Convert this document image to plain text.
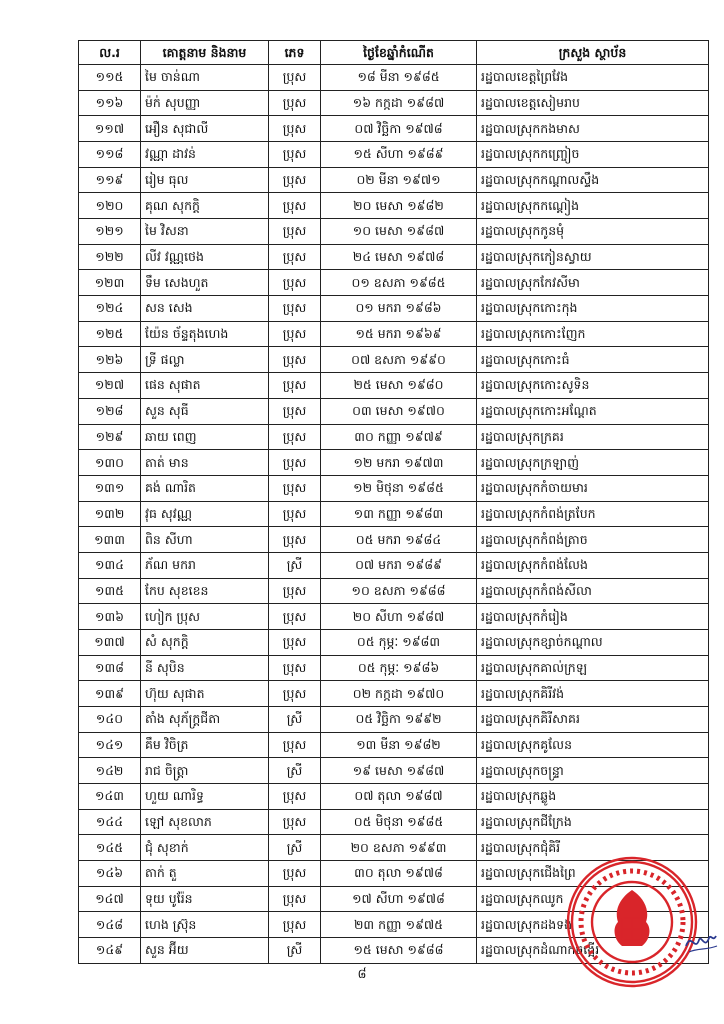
ល.រ	គោត្តនាម និងនាម	ភេទ	ថ្ងៃខែឆ្នាំកំណើត	ក្រសួង ស្ថាប័ន
១១៥	មៃ ចាន់ណា	ប្រុស	១៨ មីនា ១៩៨៥	រដ្ឋបាលខេត្តព្រៃវែង
១១៦	ម៉ក់ សុបញ្ញា	ប្រុស	១៦ កក្កដា ១៩៨៧	រដ្ឋបាលខេត្តសៀមរាប
១១៧	អឿន សុជាលី	ប្រុស	០៧ វិច្ឆិកា ១៩៧៨	រដ្ឋបាលស្រុកកងមាស
១១៨	វណ្ណា ដាវន់	ប្រុស	១៥ សីហា ១៩៨៩	រដ្ឋបាលស្រុកកញ្ច្រៀច
១១៩	រៀម ធុល	ប្រុស	០២ មីនា ១៩៧១	រដ្ឋបាលស្រុកកណ្ដាលស្ទឹង
១២០	គុណ សុកក្ដិ	ប្រុស	២០ មេសា ១៩៨២	រដ្ឋបាលស្រុកកណ្ដៀង
១២១	មៃ វិសនា	ប្រុស	១០ មេសា ១៩៨៧	រដ្ឋបាលស្រុកកូនមុំ
១២២	លីវ វណ្ណថេង	ប្រុស	២៤ មេសា ១៩៧៨	រដ្ឋបាលស្រុកកៀនស្វាយ
១២៣	ទឹម សេងហួត	ប្រុស	០១ ឧសភា ១៩៨៥	រដ្ឋបាលស្រុកកែវសីមា
១២៤	សន សេង	ប្រុស	០១ មករា ១៩៨៦	រដ្ឋបាលស្រុកកោះកុង
១២៥	យ៉ែន ច័ន្ទតុងហេង	ប្រុស	១៥ មករា ១៩៦៩	រដ្ឋបាលស្រុកកោះញែក
១២៦	ទ្រី ផល្លា	ប្រុស	០៧ ឧសភា ១៩៩០	រដ្ឋបាលស្រុកកោះធំ
១២៧	ផេន សុផាត	ប្រុស	២៥ មេសា ១៩៨០	រដ្ឋបាលស្រុកកោះសូទិន
១២៨	សួន សុធី	ប្រុស	០៣ មេសា ១៩៧០	រដ្ឋបាលស្រុកកោះអណ្ដែត
១២៩	ឆាយ ពេញ	ប្រុស	៣០ កញ្ញា ១៩៧៩	រដ្ឋបាលស្រុកក្រគរ
១៣០	តាត់ មាន	ប្រុស	១២ មករា ១៩៧៣	រដ្ឋបាលស្រុកក្រឡាញ់
១៣១	គង់ ណារិត	ប្រុស	១២ មិថុនា ១៩៨៥	រដ្ឋបាលស្រុកកំចាយមារ
១៣២	វុធ សុវណ្ណ	ប្រុស	១៣ កញ្ញា ១៩៨៣	រដ្ឋបាលស្រុកកំពង់ត្របែក
១៣៣	ពិន សីហា	ប្រុស	០៥ មករា ១៩៨៤	រដ្ឋបាលស្រុកកំពង់ត្រាច
១៣៤	ភ័ណ មករា	ស្រី	០៧ មករា ១៩៨៩	រដ្ឋបាលស្រុកកំពង់លែង
១៣៥	កែប សុខខេន	ប្រុស	១០ ឧសភា ១៩៨៨	រដ្ឋបាលស្រុកកំពង់សីលា
១៣៦	ហៀក ប្រុស	ប្រុស	២០ សីហា ១៩៨៧	រដ្ឋបាលស្រុកកំរៀង
១៣៧	សំ សុកក្ដិ	ប្រុស	០៥ កុម្ភៈ ១៩៨៣	រដ្ឋបាលស្រុកខ្សាច់កណ្ដាល
១៣៨	នី សុបិន	ប្រុស	០៥ កុម្ភៈ ១៩៨៦	រដ្ឋបាលស្រុកគាល់ក្រឡ
១៣៩	ហ៊ុយ សុផាត	ប្រុស	០២ កក្កដា ១៩៧០	រដ្ឋបាលស្រុកគិរីវង់
១៤០	តាំង សុភ័ក្រ្តជីតា	ស្រី	០៥ វិច្ឆិកា ១៩៩២	រដ្ឋបាលស្រុកគិរីសាគរ
១៤១	គឹម វិចិត្រ	ប្រុស	១៣ មីនា ១៩៨២	រដ្ឋបាលស្រុកគូលែន
១៤២	រាជ ចិត្រ្តា	ស្រី	១៩ មេសា ១៩៨៧	រដ្ឋបាលស្រុកចន្ទ្រា
១៤៣	ហួយ ណារិទ្ធ	ប្រុស	០៧ តុលា ១៩៨៧	រដ្ឋបាលស្រុកឆ្លូង
១៤៤	ឡៅ សុខលាភ	ប្រុស	០៥ មិថុនា ១៩៨៥	រដ្ឋបាលស្រុកជីក្រែង
១៤៥	ជុំ សុខាក់	ស្រី	២០ ឧសភា ១៩៩៣	រដ្ឋបាលស្រុកជុំគិរី
១៤៦	តាក់ តួ	ប្រុស	៣០ តុលា ១៩៧៨	រដ្ឋបាលស្រុកជើងព្រៃ
១៤៧	ទុយ បូរ៉ែន	ប្រុស	១៧ សីហា ១៩៧៨	រដ្ឋបាលស្រុកឈូក
១៤៨	ហេង ស្រ៊ុន	ប្រុស	២៣ កញ្ញា ១៩៧៥	រដ្ឋបាលស្រុកដងទង់
១៤៩	សួន អ៊ីយ	ស្រី	១៥ មេសា ១៩៨៨	រដ្ឋបាលស្រុកដំណាក់ចង្អើរ
៨
